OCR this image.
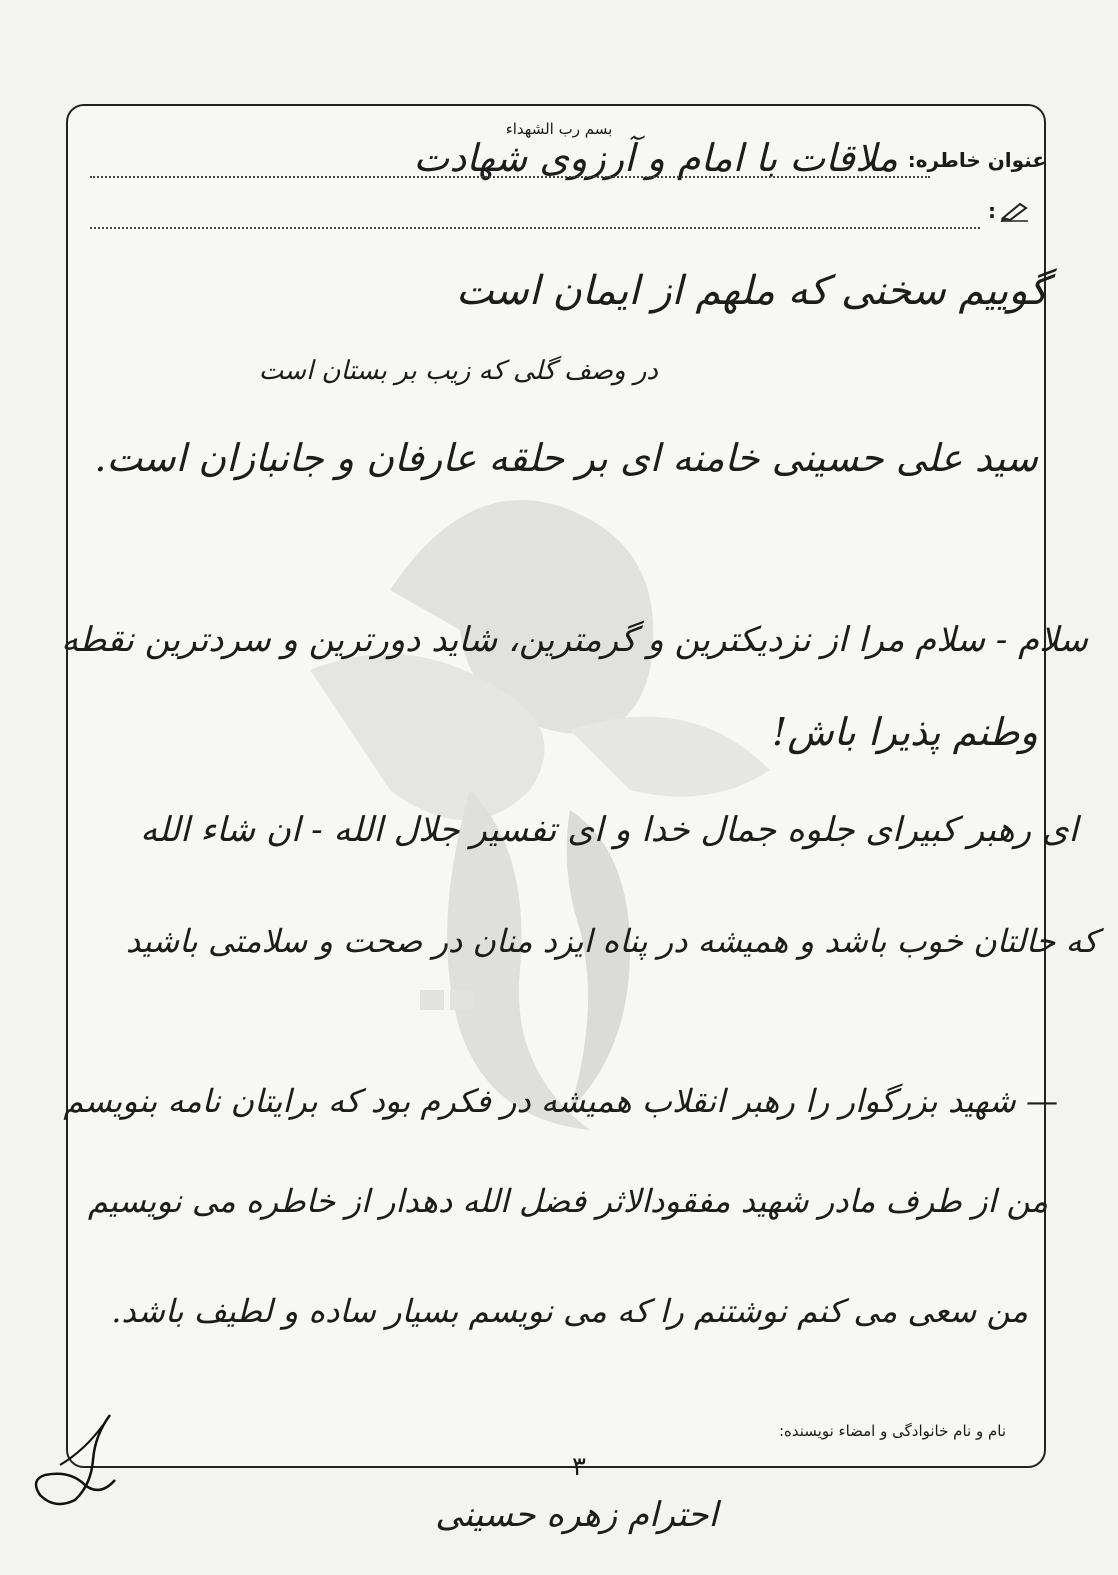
بسم رب الشهداء
عنوان خاطره:
ملاقات با امام و آرزوی شهادت
:
گوییم سخنی که ملهم از ایمان است
در وصف گلی که زیب بر بستان است
سید علی حسینی خامنه ای بر حلقه عارفان و جانبازان است.
سلام - سلام مرا از نزدیکترین و گرمترین، شاید دورترین و سردترین نقطه
وطنم پذیرا باش!
ای رهبر کبیرای جلوه جمال خدا و ای تفسیر جلال الله - ان شاء الله
که حالتان خوب باشد و همیشه در پناه ایزد منان در صحت و سلامتی باشید
— شهید بزرگوار را رهبر انقلاب همیشه در فکرم بود که برایتان نامه بنویسم
من از طرف مادر شهید مفقودالاثر فضل الله دهدار از خاطره می نویسیم
من سعی می کنم نوشتنم را که می نویسم بسیار ساده و لطیف باشد.
نام و نام خانوادگی و امضاء نویسنده:
احترام زهره حسینی
۳
